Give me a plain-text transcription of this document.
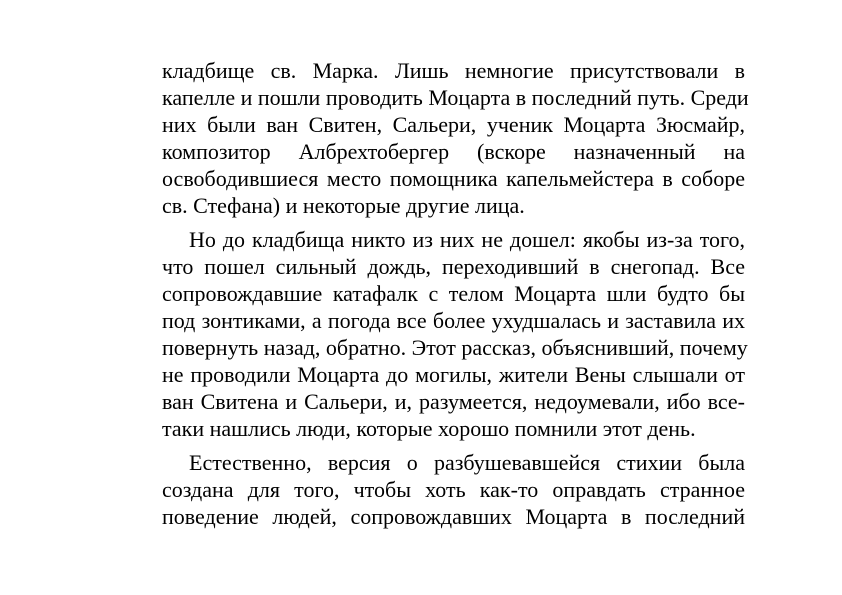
кладбище св. Марка. Лишь немногие присутствовали в
капелле и пошли проводить Моцарта в последний путь. Среди
них были ван Свитен, Сальери, ученик Моцарта Зюсмайр,
композитор Албрехтобергер (вскоре назначенный на
освободившиеся место помощника капельмейстера в соборе
св. Стефана) и некоторые другие лица.
Но до кладбища никто из них не дошел: якобы из-за того,
что пошел сильный дождь, переходивший в снегопад. Все
сопровождавшие катафалк с телом Моцарта шли будто бы
под зонтиками, а погода все более ухудшалась и заставила их
повернуть назад, обратно. Этот рассказ, объяснивший, почему
не проводили Моцарта до могилы, жители Вены слышали от
ван Свитена и Сальери, и, разумеется, недоумевали, ибо все-
таки нашлись люди, которые хорошо помнили этот день.
Естественно, версия о разбушевавшейся стихии была
создана для того, чтобы хоть как-то оправдать странное
поведение людей, сопровождавших Моцарта в последний
